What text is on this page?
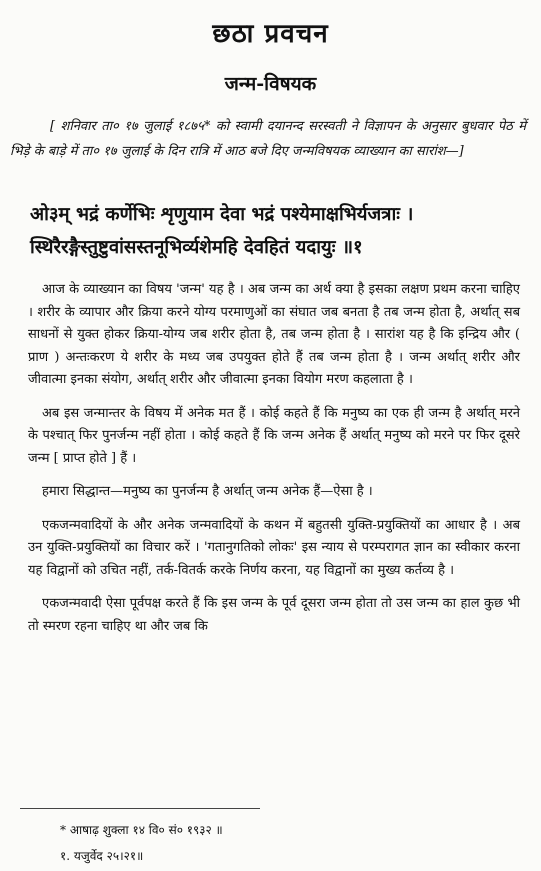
छठा प्रवचन
जन्म-विषयक

[ शनिवार ता० १७ जुलाई १८७५* को स्वामी दयानन्द सरस्वती ने विज्ञापन के अनुसार बुधवार पेठ में भिड़े के बाड़े में ता० १७ जुलाई के दिन रात्रि में आठ बजे दिए जन्मविषयक व्याख्यान का सारांश—]

ओ३म् भद्रं कर्णेभिः शृणुयाम देवा भद्रं पश्येमाक्षभिर्यजत्राः ।
स्थिरैरङ्गैस्तुष्टुवांसस्तनूभिर्व्यशेमहि देवहितं यदायुः ॥१

आज के व्याख्यान का विषय 'जन्म' यह है । अब जन्म का अर्थ क्या है इसका लक्षण प्रथम करना चाहिए । शरीर के व्यापार और क्रिया करने योग्य परमाणुओं का संघात जब बनता है तब जन्म होता है, अर्थात् सब साधनों से युक्त होकर क्रिया-योग्य जब शरीर होता है, तब जन्म होता है । सारांश यह है कि इन्द्रिय और ( प्राण ) अन्तःकरण ये शरीर के मध्य जब उपयुक्त होते हैं तब जन्म होता है । जन्म अर्थात् शरीर और जीवात्मा इनका संयोग, अर्थात् शरीर और जीवात्मा इनका वियोग मरण कहलाता है ।

अब इस जन्मान्तर के विषय में अनेक मत हैं । कोई कहते हैं कि मनुष्य का एक ही जन्म है अर्थात् मरने के पश्चात् फिर पुनर्जन्म नहीं होता । कोई कहते हैं कि जन्म अनेक हैं अर्थात् मनुष्य को मरने पर फिर दूसरे जन्म [ प्राप्त होते ] हैं ।

हमारा सिद्धान्त—मनुष्य का पुनर्जन्म है अर्थात् जन्म अनेक हैं—ऐसा है ।

एकजन्मवादियों के और अनेक जन्मवादियों के कथन में बहुतसी युक्ति-प्रयुक्तियों का आधार है । अब उन युक्ति-प्रयुक्तियों का विचार करें । 'गतानुगतिको लोकः' इस न्याय से परम्परागत ज्ञान का स्वीकार करना यह विद्वानों को उचित नहीं, तर्क-वितर्क करके निर्णय करना, यह विद्वानों का मुख्य कर्तव्य है ।

एकजन्मवादी ऐसा पूर्वपक्ष करते हैं कि इस जन्म के पूर्व दूसरा जन्म होता तो उस जन्म का हाल कुछ भी तो स्मरण रहना चाहिए था और जब कि

* आषाढ़ शुक्ला १४ वि० सं० १९३२ ॥
१. यजुर्वेद २५।२१॥
